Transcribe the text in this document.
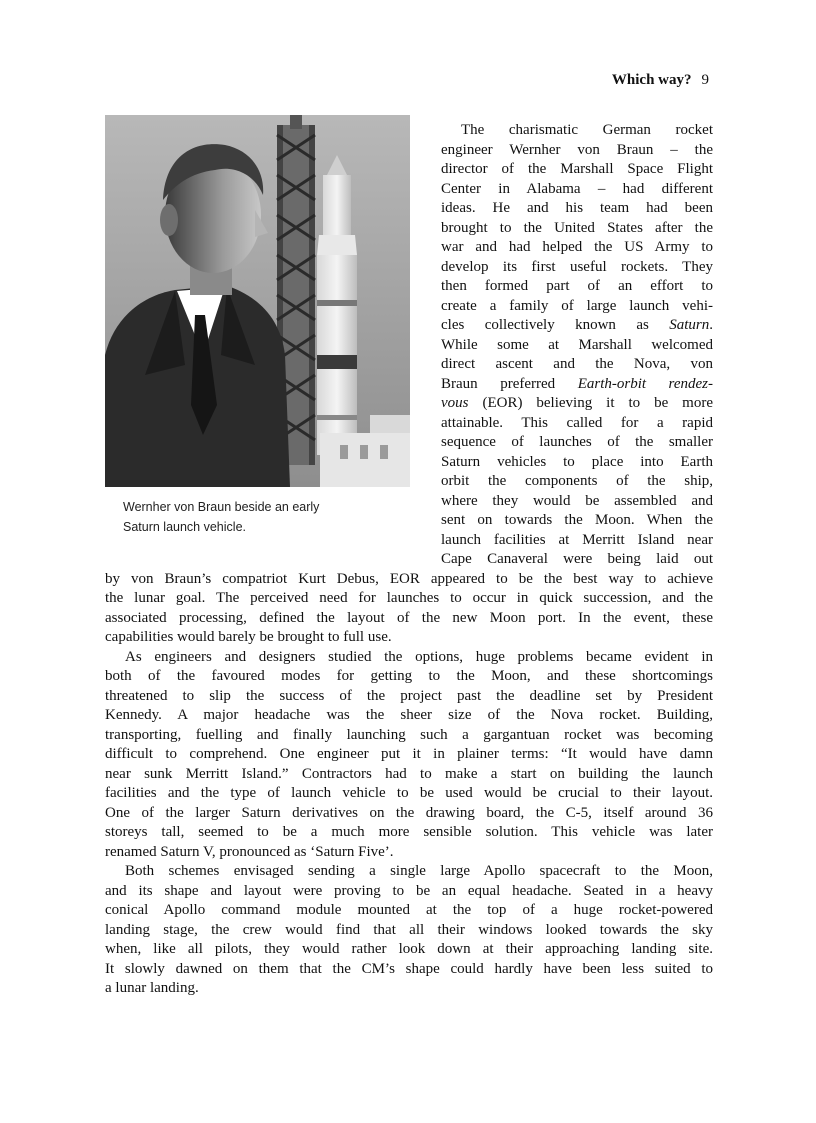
Which way? 9
Wernher von Braun beside an early
Saturn launch vehicle.
The charismatic German rocket
engineer Wernher von Braun – the
director of the Marshall Space Flight
Center in Alabama – had different
ideas. He and his team had been
brought to the United States after the
war and had helped the US Army to
develop its first useful rockets. They
then formed part of an effort to
create a family of large launch vehi-
cles collectively known as Saturn.
While some at Marshall welcomed
direct ascent and the Nova, von
Braun preferred Earth-orbit rendez-
vous (EOR) believing it to be more
attainable. This called for a rapid
sequence of launches of the smaller
Saturn vehicles to place into Earth
orbit the components of the ship,
where they would be assembled and
sent on towards the Moon. When the
launch facilities at Merritt Island near
Cape Canaveral were being laid out
by von Braun’s compatriot Kurt Debus, EOR appeared to be the best way to achieve
the lunar goal. The perceived need for launches to occur in quick succession, and the
associated processing, defined the layout of the new Moon port. In the event, these
capabilities would barely be brought to full use.
As engineers and designers studied the options, huge problems became evident in
both of the favoured modes for getting to the Moon, and these shortcomings
threatened to slip the success of the project past the deadline set by President
Kennedy. A major headache was the sheer size of the Nova rocket. Building,
transporting, fuelling and finally launching such a gargantuan rocket was becoming
difficult to comprehend. One engineer put it in plainer terms: “It would have damn
near sunk Merritt Island.” Contractors had to make a start on building the launch
facilities and the type of launch vehicle to be used would be crucial to their layout.
One of the larger Saturn derivatives on the drawing board, the C-5, itself around 36
storeys tall, seemed to be a much more sensible solution. This vehicle was later
renamed Saturn V, pronounced as ‘Saturn Five’.
Both schemes envisaged sending a single large Apollo spacecraft to the Moon,
and its shape and layout were proving to be an equal headache. Seated in a heavy
conical Apollo command module mounted at the top of a huge rocket-powered
landing stage, the crew would find that all their windows looked towards the sky
when, like all pilots, they would rather look down at their approaching landing site.
It slowly dawned on them that the CM’s shape could hardly have been less suited to
a lunar landing.
